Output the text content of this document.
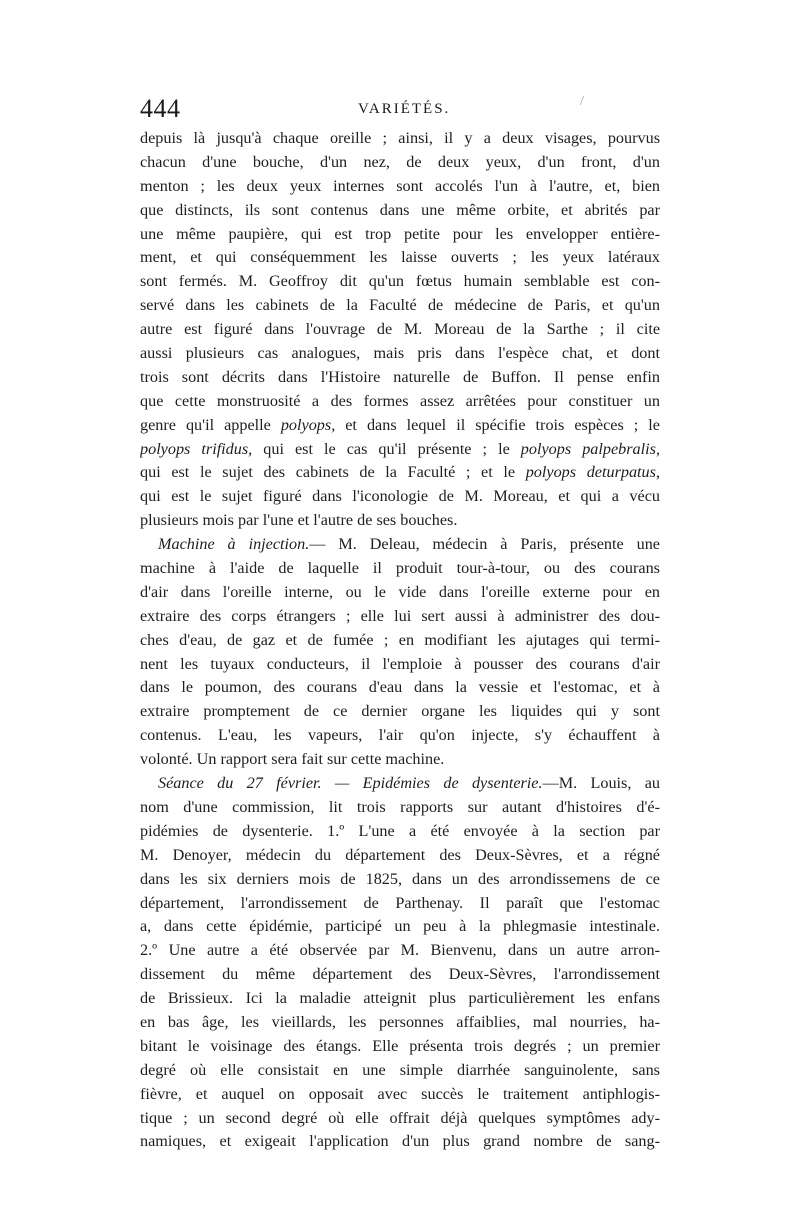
444	VARIÉTÉS.	/
depuis là jusqu'à chaque oreille ; ainsi, il y a deux visages, pourvus
chacun d'une bouche, d'un nez, de deux yeux, d'un front, d'un
menton ; les deux yeux internes sont accolés l'un à l'autre, et, bien
que distincts, ils sont contenus dans une même orbite, et abrités par
une même paupière, qui est trop petite pour les envelopper entière-
ment, et qui conséquemment les laisse ouverts ; les yeux latéraux
sont fermés. M. Geoffroy dit qu'un fœtus humain semblable est con-
servé dans les cabinets de la Faculté de médecine de Paris, et qu'un
autre est figuré dans l'ouvrage de M. Moreau de la Sarthe ; il cite
aussi plusieurs cas analogues, mais pris dans l'espèce chat, et dont
trois sont décrits dans l'Histoire naturelle de Buffon. Il pense enfin
que cette monstruosité a des formes assez arrêtées pour constituer un
genre qu'il appelle polyops, et dans lequel il spécifie trois espèces ; le
polyops trifidus, qui est le cas qu'il présente ; le polyops palpebralis,
qui est le sujet des cabinets de la Faculté ; et le polyops deturpatus,
qui est le sujet figuré dans l'iconologie de M. Moreau, et qui a vécu
plusieurs mois par l'une et l'autre de ses bouches.
Machine à injection.— M. Deleau, médecin à Paris, présente une
machine à l'aide de laquelle il produit tour-à-tour, ou des courans
d'air dans l'oreille interne, ou le vide dans l'oreille externe pour en
extraire des corps étrangers ; elle lui sert aussi à administrer des dou-
ches d'eau, de gaz et de fumée ; en modifiant les ajutages qui termi-
nent les tuyaux conducteurs, il l'emploie à pousser des courans d'air
dans le poumon, des courans d'eau dans la vessie et l'estomac, et à
extraire promptement de ce dernier organe les liquides qui y sont
contenus. L'eau, les vapeurs, l'air qu'on injecte, s'y échauffent à
volonté. Un rapport sera fait sur cette machine.
Séance du 27 février. — Epidémies de dysenterie.—M. Louis, au
nom d'une commission, lit trois rapports sur autant d'histoires d'é-
pidémies de dysenterie. 1.º L'une a été envoyée à la section par
M. Denoyer, médecin du département des Deux-Sèvres, et a régné
dans les six derniers mois de 1825, dans un des arrondissemens de ce
département, l'arrondissement de Parthenay. Il paraît que l'estomac
a, dans cette épidémie, participé un peu à la phlegmasie intestinale.
2.º Une autre a été observée par M. Bienvenu, dans un autre arron-
dissement du même département des Deux-Sèvres, l'arrondissement
de Brissieux. Ici la maladie atteignit plus particulièrement les enfans
en bas âge, les vieillards, les personnes affaiblies, mal nourries, ha-
bitant le voisinage des étangs. Elle présenta trois degrés ; un premier
degré où elle consistait en une simple diarrhée sanguinolente, sans
fièvre, et auquel on opposait avec succès le traitement antiphlogis-
tique ; un second degré où elle offrait déjà quelques symptômes ady-
namiques, et exigeait l'application d'un plus grand nombre de sang-
